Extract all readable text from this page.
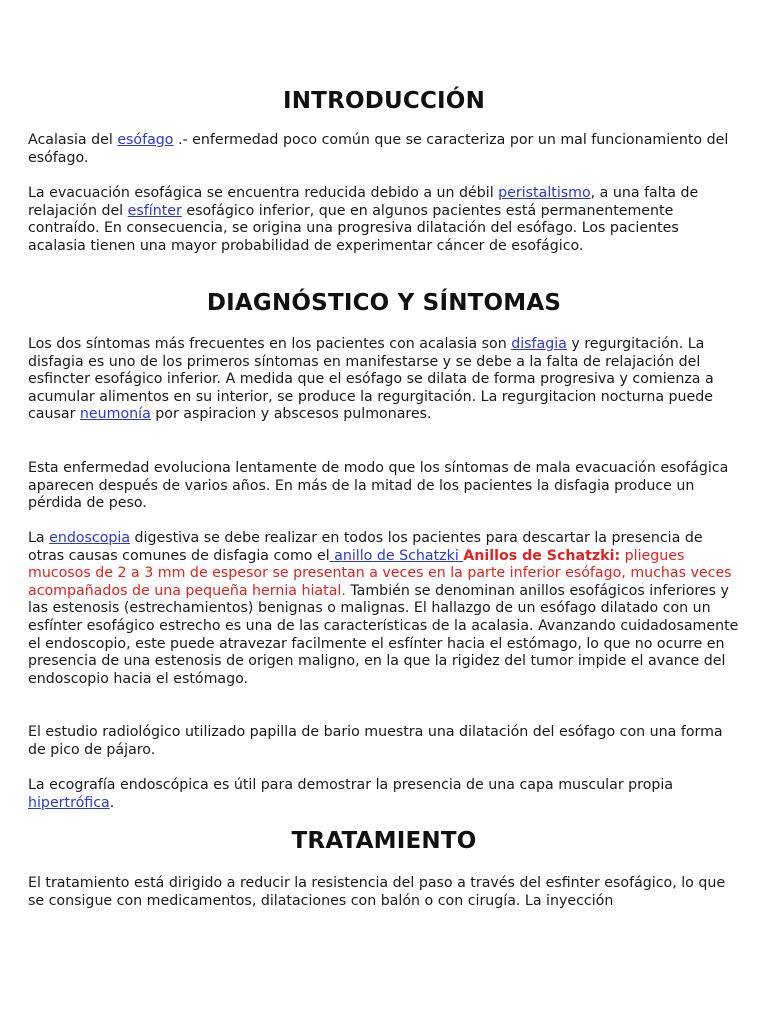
INTRODUCCIÓN

Acalasia del esófago .- enfermedad poco común que se caracteriza por un mal funcionamiento del esófago.

La evacuación esofágica se encuentra reducida debido a un débil peristaltismo, a una falta de relajación del esfínter esofágico inferior, que en algunos pacientes está permanentemente contraído. En consecuencia, se origina una progresiva dilatación del esófago. Los pacientes acalasia tienen una mayor probabilidad de experimentar cáncer de esofágico.

DIAGNÓSTICO Y SÍNTOMAS

Los dos síntomas más frecuentes en los pacientes con acalasia son disfagia y regurgitación. La disfagia es uno de los primeros síntomas en manifestarse y se debe a la falta de relajación del esfincter esofágico inferior. A medida que el esófago se dilata de forma progresiva y comienza a acumular alimentos en su interior, se produce la regurgitación. La regurgitacion nocturna puede causar neumonía por aspiracion y abscesos pulmonares.

Esta enfermedad evoluciona lentamente de modo que los síntomas de mala evacuación esofágica aparecen después de varios años. En más de la mitad de los pacientes la disfagia produce un pérdida de peso.

La endoscopia digestiva se debe realizar en todos los pacientes para descartar la presencia de otras causas comunes de disfagia como el anillo de Schatzki Anillos de Schatzki: pliegues mucosos de 2 a 3 mm de espesor se presentan a veces en la parte inferior esófago, muchas veces acompañados de una pequeña hernia hiatal. También se denominan anillos esofágicos inferiores y las estenosis (estrechamientos) benignas o malignas. El hallazgo de un esófago dilatado con un esfínter esofágico estrecho es una de las características de la acalasia. Avanzando cuidadosamente el endoscopio, este puede atravezar facilmente el esfínter hacia el estómago, lo que no ocurre en presencia de una estenosis de origen maligno, en la que la rigidez del tumor impide el avance del endoscopio hacia el estómago.

El estudio radiológico utilizado papilla de bario muestra una dilatación del esófago con una forma de pico de pájaro.

La ecografía endoscópica es útil para demostrar la presencia de una capa muscular propia hipertrófica.

TRATAMIENTO

El tratamiento está dirigido a reducir la resistencia del paso a través del esfinter esofágico, lo que se consigue con medicamentos, dilataciones con balón o con cirugía. La inyección
